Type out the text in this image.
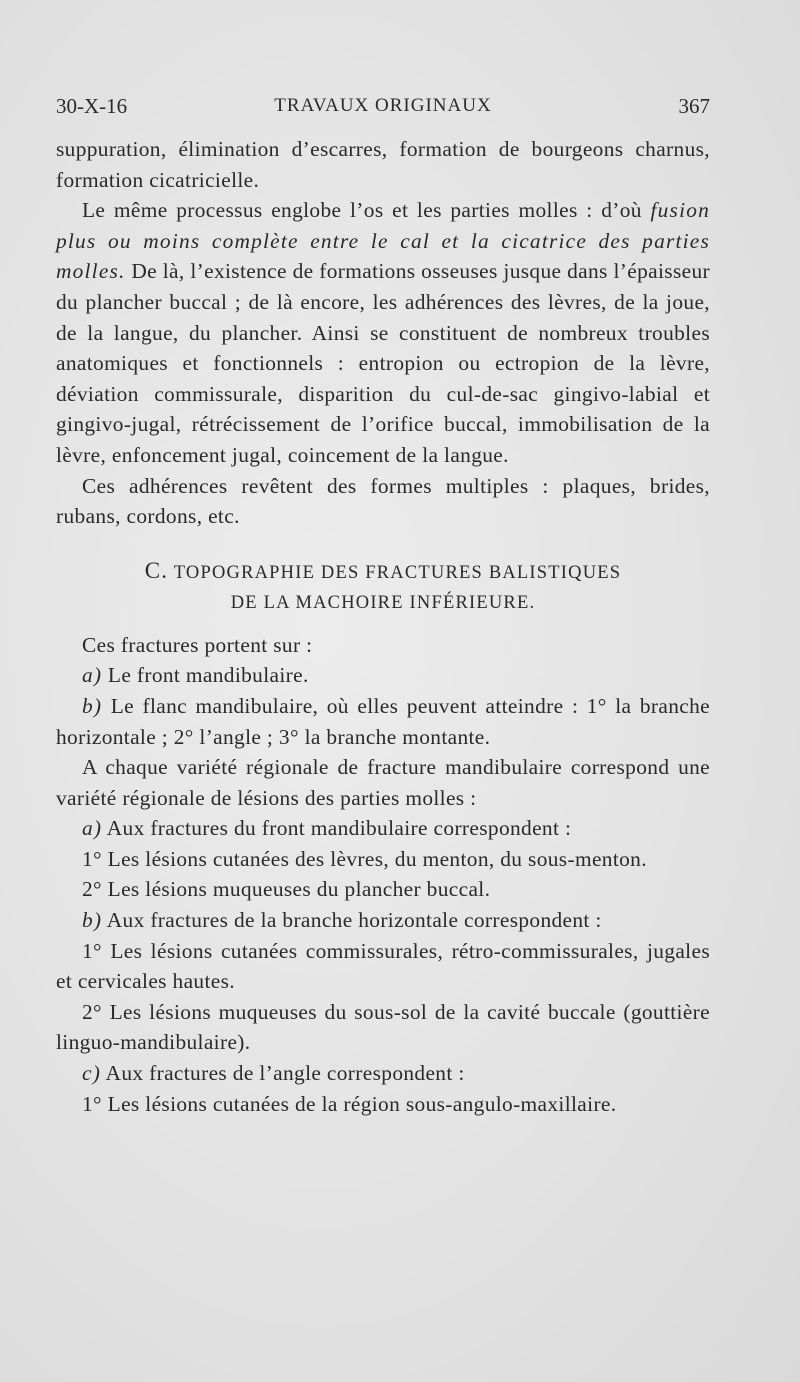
30-X-16	TRAVAUX ORIGINAUX	367

suppuration, élimination d’escarres, formation de bourgeons charnus, formation cicatricielle.

Le même processus englobe l’os et les parties molles : d’où fusion plus ou moins complète entre le cal et la cicatrice des parties molles. De là, l’existence de formations osseuses jusque dans l’épaisseur du plancher buccal ; de là encore, les adhérences des lèvres, de la joue, de la langue, du plancher. Ainsi se constituent de nombreux troubles anatomiques et fonctionnels : entropion ou ectropion de la lèvre, déviation commissurale, disparition du cul-de-sac gingivo-labial et gingivo-jugal, rétrécissement de l’orifice buccal, immobilisation de la lèvre, enfoncement jugal, coincement de la langue.

Ces adhérences revêtent des formes multiples : plaques, brides, rubans, cordons, etc.

C. TOPOGRAPHIE DES FRACTURES BALISTIQUES
DE LA MACHOIRE INFÉRIEURE.

Ces fractures portent sur :

a) Le front mandibulaire.

b) Le flanc mandibulaire, où elles peuvent atteindre : 1° la branche horizontale ; 2° l’angle ; 3° la branche montante.

A chaque variété régionale de fracture mandibulaire correspond une variété régionale de lésions des parties molles :

a) Aux fractures du front mandibulaire correspondent :

1° Les lésions cutanées des lèvres, du menton, du sous-menton.

2° Les lésions muqueuses du plancher buccal.

b) Aux fractures de la branche horizontale correspondent :

1° Les lésions cutanées commissurales, rétro-commissurales, jugales et cervicales hautes.

2° Les lésions muqueuses du sous-sol de la cavité buccale (gouttière linguo-mandibulaire).

c) Aux fractures de l’angle correspondent :

1° Les lésions cutanées de la région sous-angulo-maxillaire.
